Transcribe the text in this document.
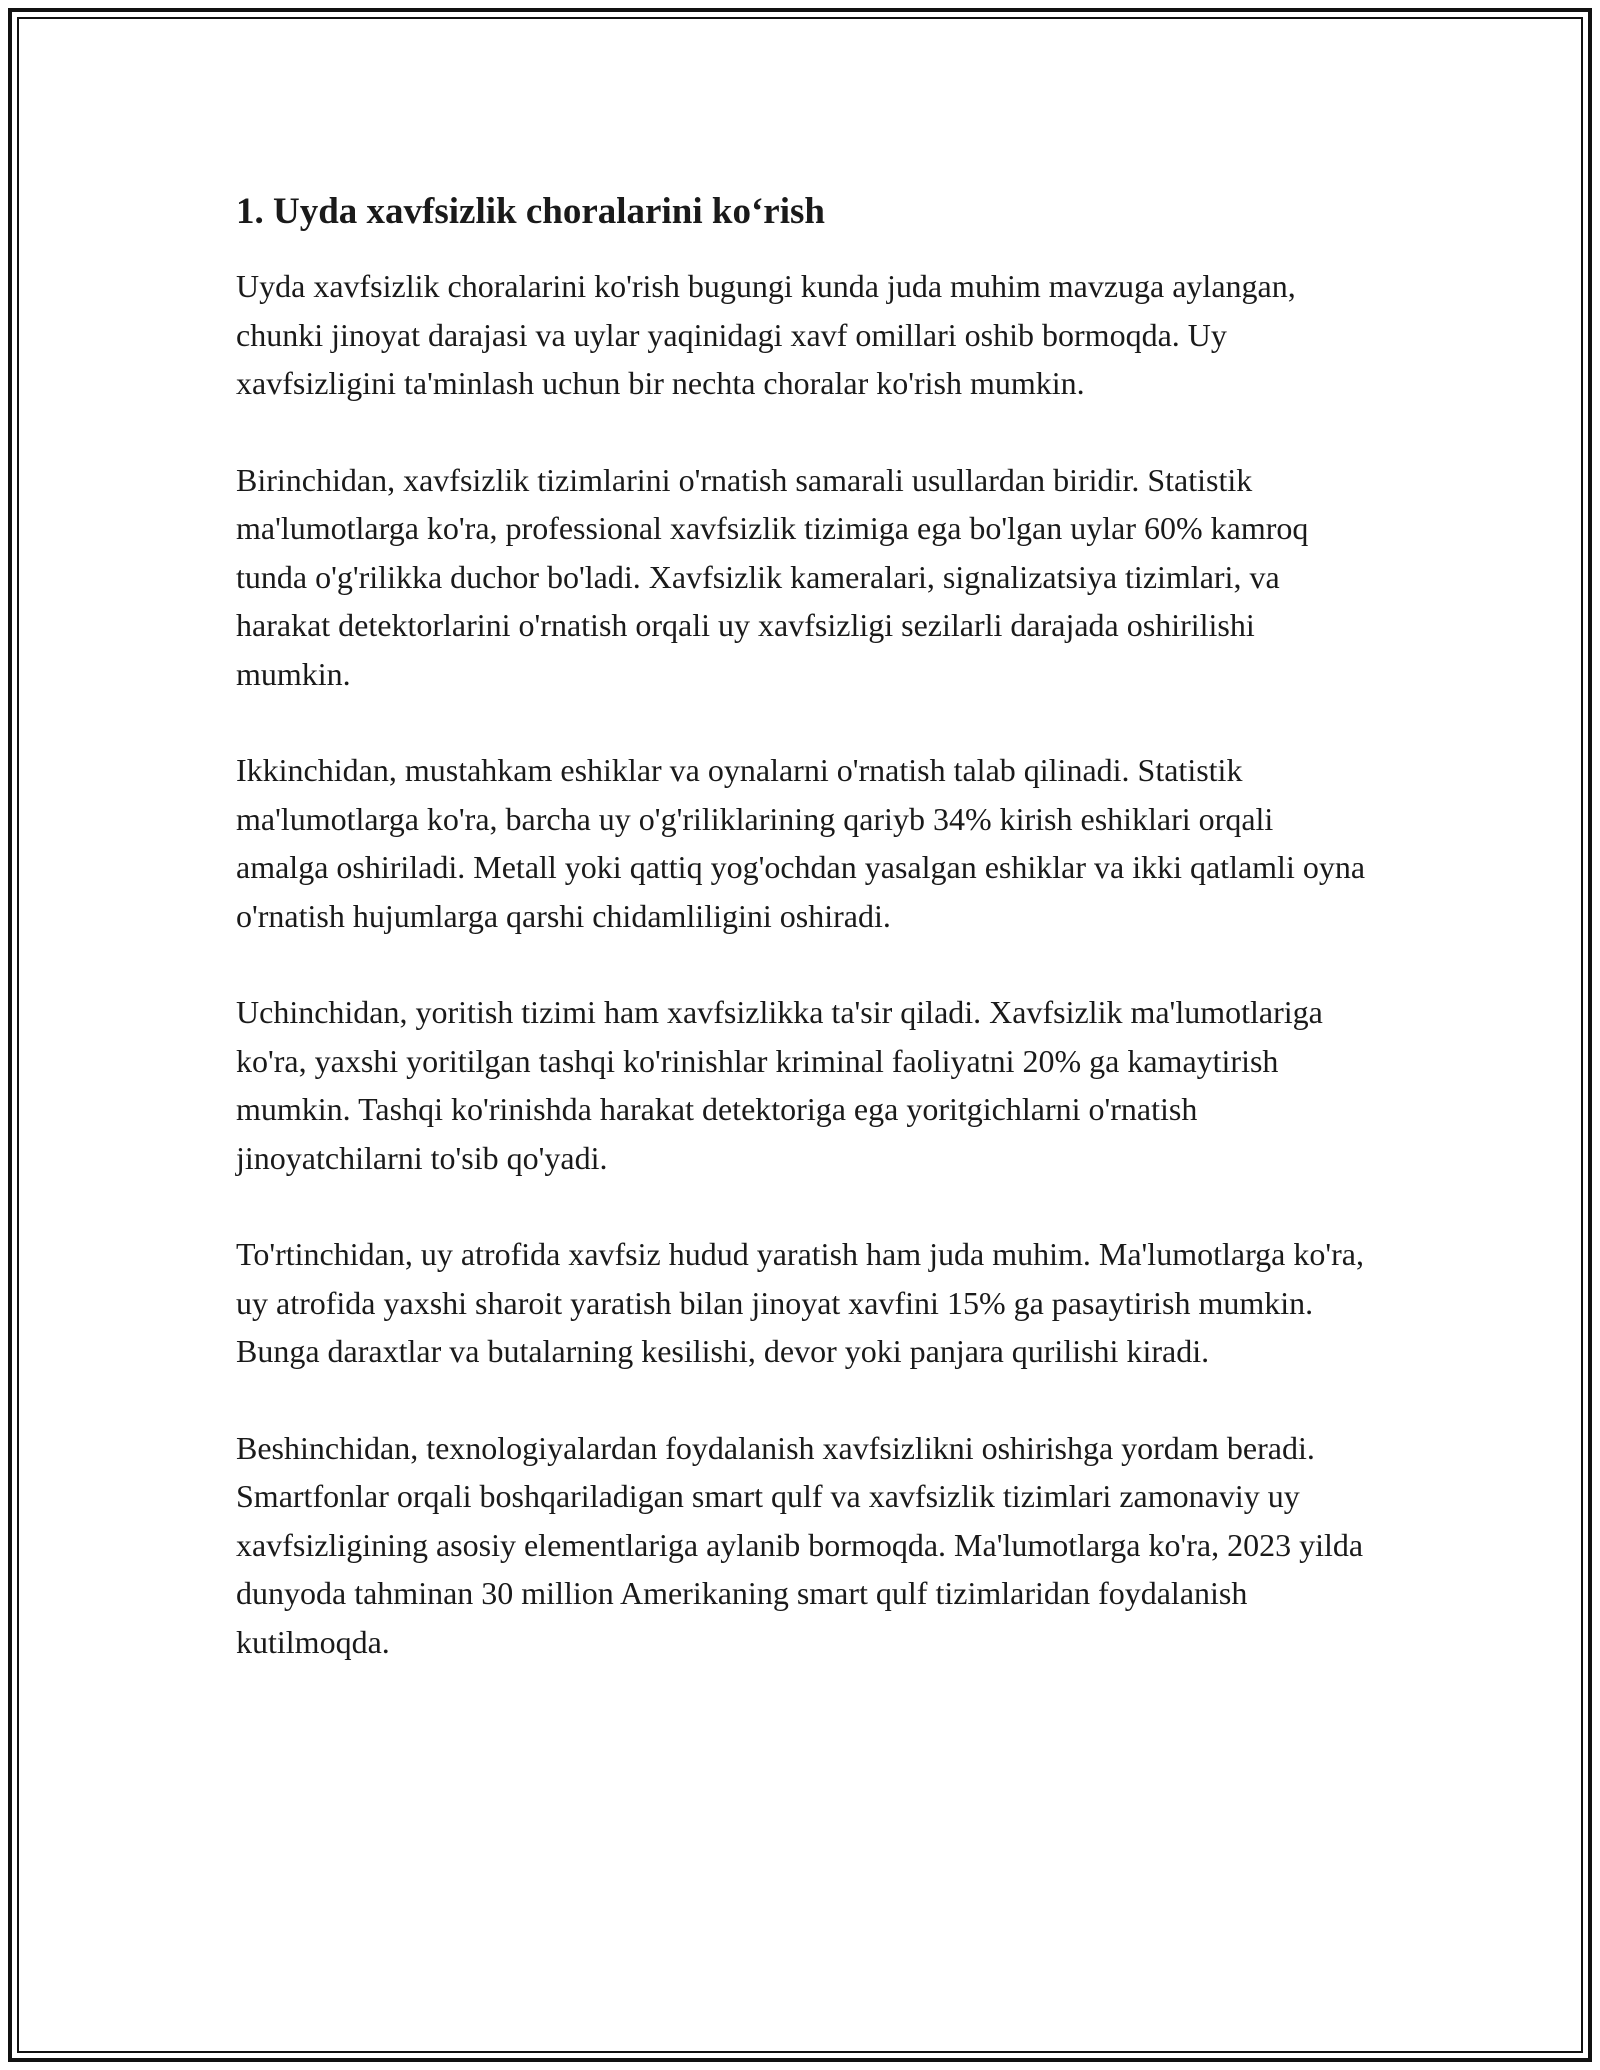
1. Uyda xavfsizlik choralarini ko‘rish

Uyda xavfsizlik choralarini ko'rish bugungi kunda juda muhim mavzuga aylangan, chunki jinoyat darajasi va uylar yaqinidagi xavf omillari oshib bormoqda. Uy xavfsizligini ta'minlash uchun bir nechta choralar ko'rish mumkin.

Birinchidan, xavfsizlik tizimlarini o'rnatish samarali usullardan biridir. Statistik ma'lumotlarga ko'ra, professional xavfsizlik tizimiga ega bo'lgan uylar 60% kamroq tunda o'g'rilikka duchor bo'ladi. Xavfsizlik kameralari, signalizatsiya tizimlari, va harakat detektorlarini o'rnatish orqali uy xavfsizligi sezilarli darajada oshirilishi mumkin.

Ikkinchidan, mustahkam eshiklar va oynalarni o'rnatish talab qilinadi. Statistik ma'lumotlarga ko'ra, barcha uy o'g'riliklarining qariyb 34% kirish eshiklari orqali amalga oshiriladi. Metall yoki qattiq yog'ochdan yasalgan eshiklar va ikki qatlamli oyna o'rnatish hujumlarga qarshi chidamliligini oshiradi.

Uchinchidan, yoritish tizimi ham xavfsizlikka ta'sir qiladi. Xavfsizlik ma'lumotlariga ko'ra, yaxshi yoritilgan tashqi ko'rinishlar kriminal faoliyatni 20% ga kamaytirish mumkin. Tashqi ko'rinishda harakat detektoriga ega yoritgichlarni o'rnatish jinoyatchilarni to'sib qo'yadi.

To'rtinchidan, uy atrofida xavfsiz hudud yaratish ham juda muhim. Ma'lumotlarga ko'ra, uy atrofida yaxshi sharoit yaratish bilan jinoyat xavfini 15% ga pasaytirish mumkin. Bunga daraxtlar va butalarning kesilishi, devor yoki panjara qurilishi kiradi.

Beshinchidan, texnologiyalardan foydalanish xavfsizlikni oshirishga yordam beradi. Smartfonlar orqali boshqariladigan smart qulf va xavfsizlik tizimlari zamonaviy uy xavfsizligining asosiy elementlariga aylanib bormoqda. Ma'lumotlarga ko'ra, 2023 yilda dunyoda tahminan 30 million Amerikaning smart qulf tizimlaridan foydalanish kutilmoqda.
